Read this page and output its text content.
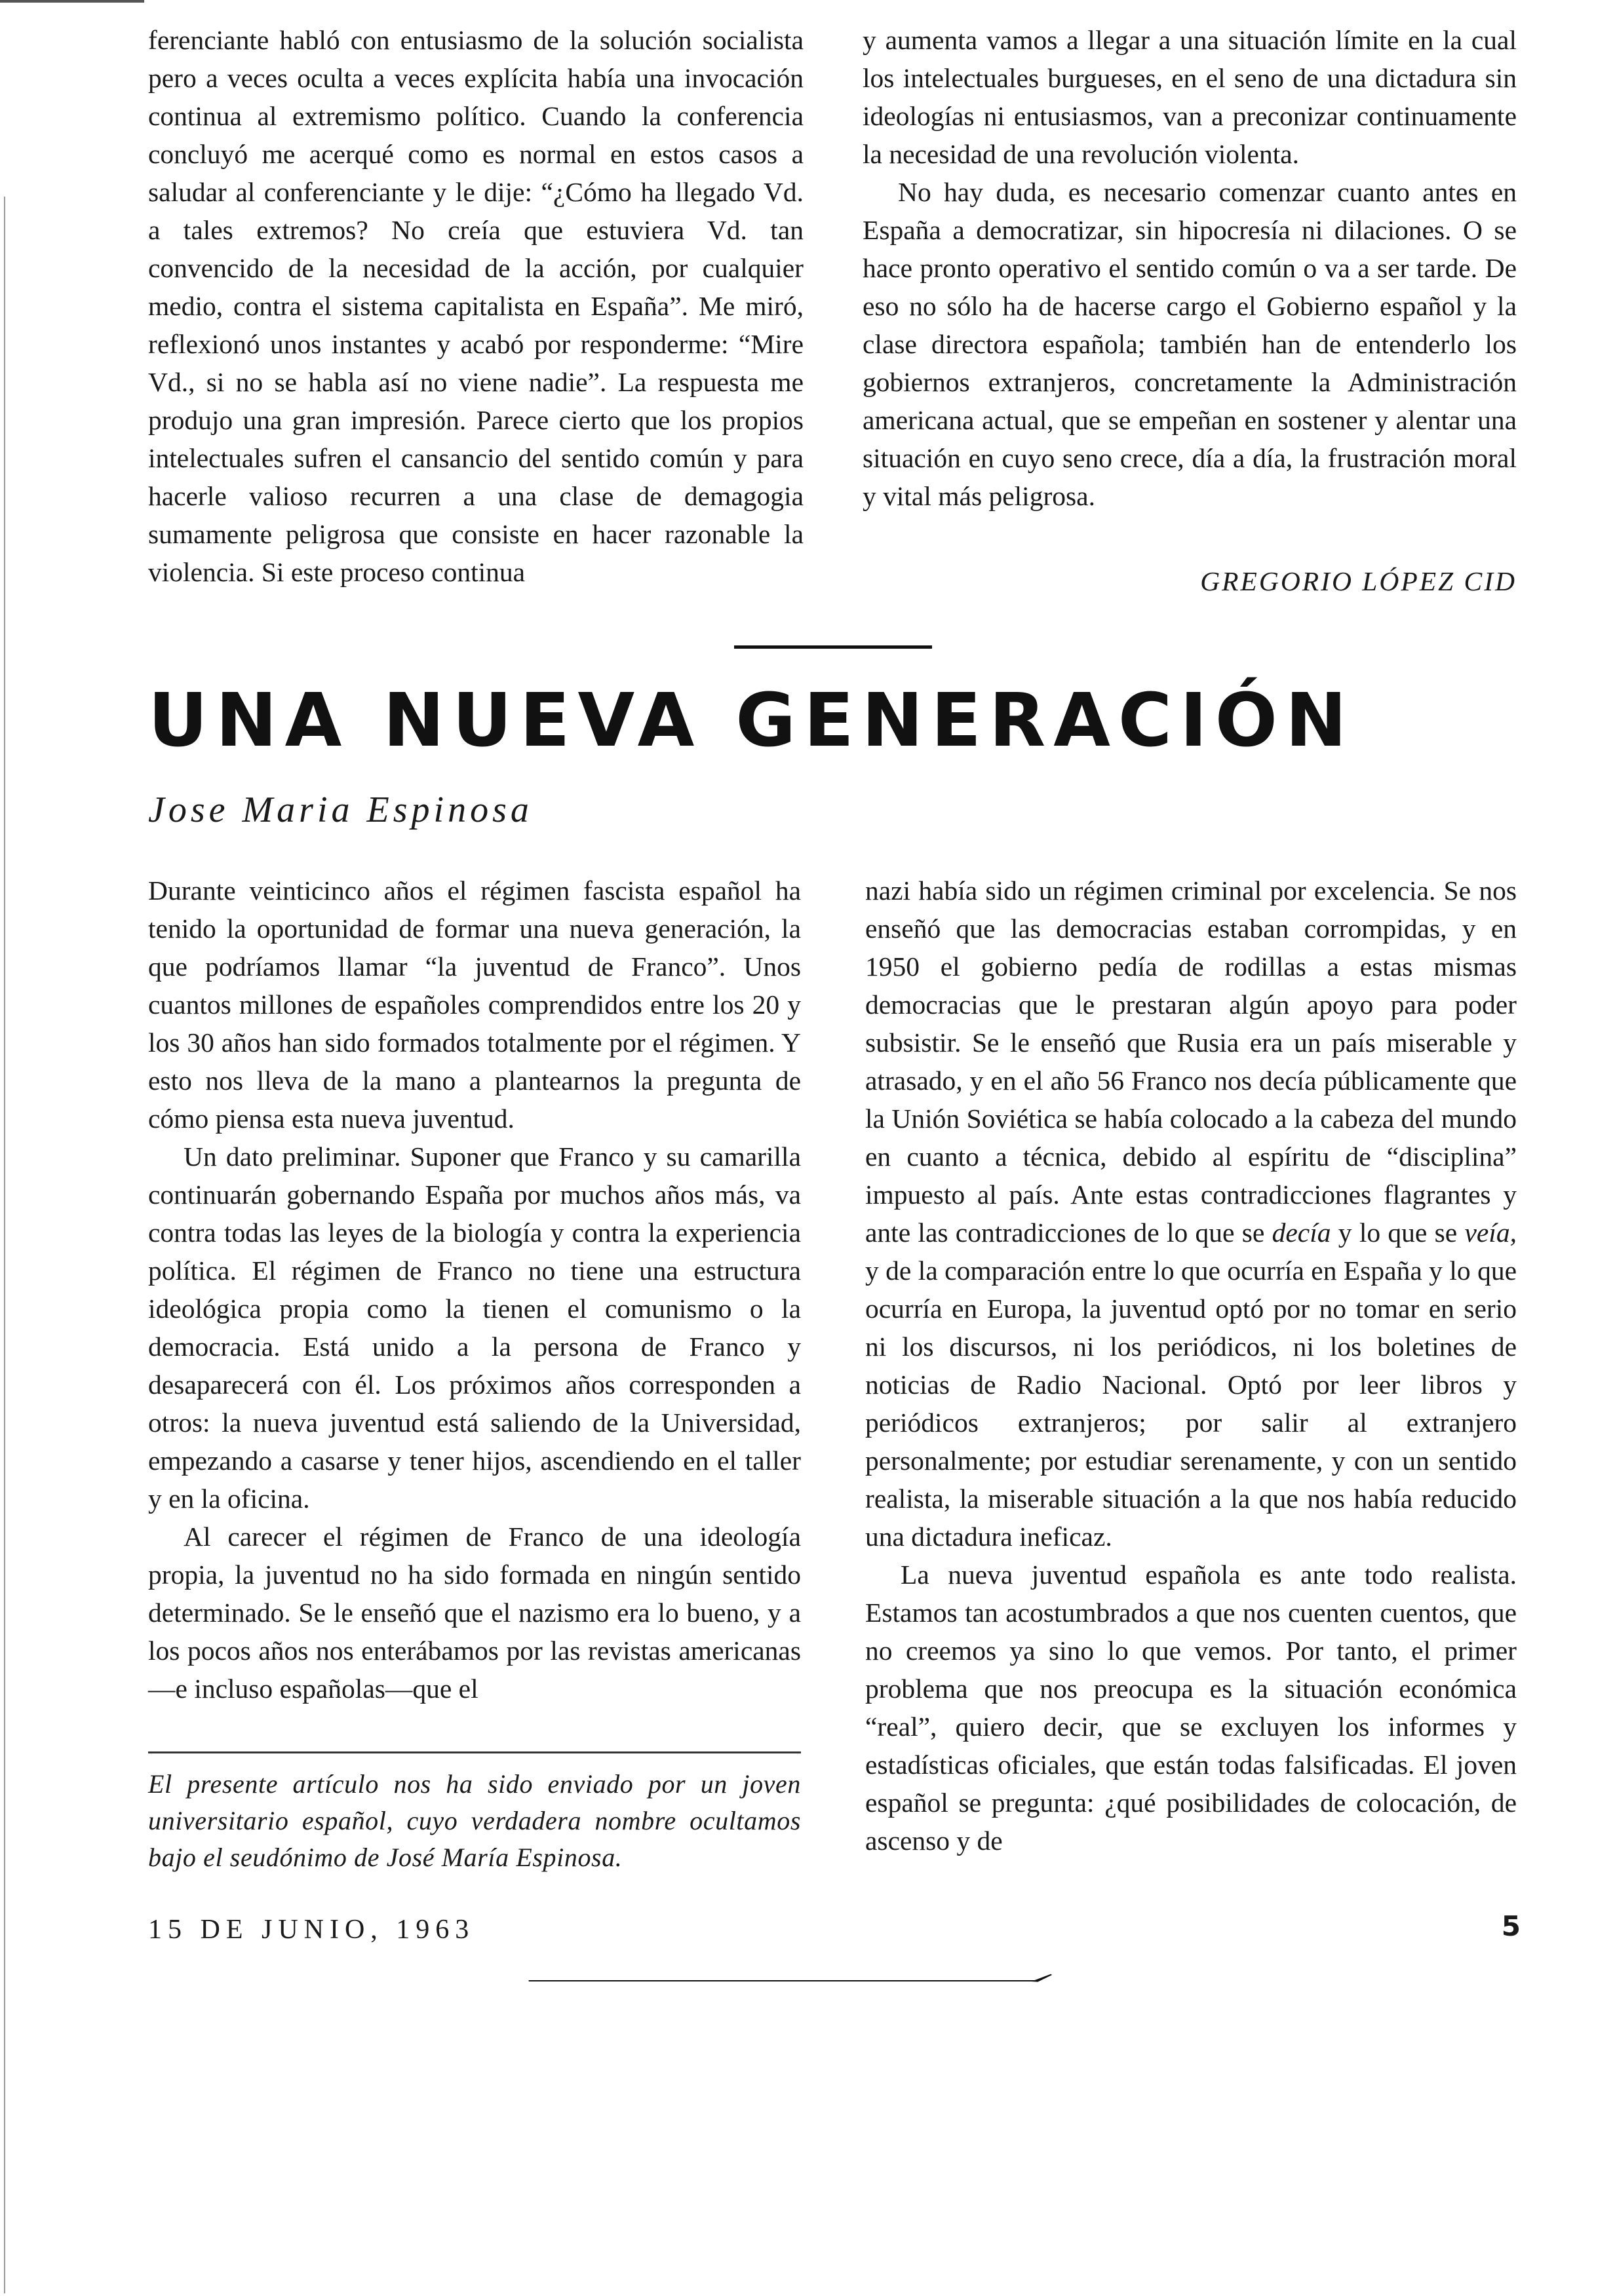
ferenciante habló con entusiasmo de la solución socialista pero a veces oculta a veces explícita había una invocación continua al extremismo político. Cuando la conferencia concluyó me acerqué como es normal en estos casos a saludar al conferenciante y le dije: “¿Cómo ha llegado Vd. a tales extremos? No creía que estuviera Vd. tan convencido de la necesidad de la acción, por cualquier medio, contra el sistema capitalista en España”. Me miró, reflexionó unos instantes y acabó por responderme: “Mire Vd., si no se habla así no viene nadie”. La respuesta me produjo una gran impresión. Parece cierto que los propios intelectuales sufren el cansancio del sentido común y para hacerle valioso recurren a una clase de demagogia sumamente peligrosa que consiste en hacer razonable la violencia. Si este proceso continua

y aumenta vamos a llegar a una situación límite en la cual los intelectuales burgueses, en el seno de una dictadura sin ideologías ni entusiasmos, van a preconizar continuamente la necesidad de una revolución violenta.

No hay duda, es necesario comenzar cuanto antes en España a democratizar, sin hipocresía ni dilaciones. O se hace pronto operativo el sentido común o va a ser tarde. De eso no sólo ha de hacerse cargo el Gobierno español y la clase directora española; también han de entenderlo los gobiernos extranjeros, concretamente la Administración americana actual, que se empeñan en sostener y alentar una situación en cuyo seno crece, día a día, la frustración moral y vital más peligrosa.

GREGORIO LÓPEZ CID
UNA NUEVA GENERACIÓN
Jose Maria Espinosa

Durante veinticinco años el régimen fascista español ha tenido la oportunidad de formar una nueva generación, la que podríamos llamar “la juventud de Franco”. Unos cuantos millones de españoles comprendidos entre los 20 y los 30 años han sido formados totalmente por el régimen. Y esto nos lleva de la mano a plantearnos la pregunta de cómo piensa esta nueva juventud.

Un dato preliminar. Suponer que Franco y su camarilla continuarán gobernando España por muchos años más, va contra todas las leyes de la biología y contra la experiencia política. El régimen de Franco no tiene una estructura ideológica propia como la tienen el comunismo o la democracia. Está unido a la persona de Franco y desaparecerá con él. Los próximos años corresponden a otros: la nueva juventud está saliendo de la Universidad, empezando a casarse y tener hijos, ascendiendo en el taller y en la oficina.

Al carecer el régimen de Franco de una ideología propia, la juventud no ha sido formada en ningún sentido determinado. Se le enseñó que el nazismo era lo bueno, y a los pocos años nos enterábamos por las revistas americanas—e incluso españolas—que el

nazi había sido un régimen criminal por excelencia. Se nos enseñó que las democracias estaban corrompidas, y en 1950 el gobierno pedía de rodillas a estas mismas democracias que le prestaran algún apoyo para poder subsistir. Se le enseñó que Rusia era un país miserable y atrasado, y en el año 56 Franco nos decía públicamente que la Unión Soviética se había colocado a la cabeza del mundo en cuanto a técnica, debido al espíritu de “disciplina” impuesto al país. Ante estas contradicciones flagrantes y ante las contradicciones de lo que se decía y lo que se veía, y de la comparación entre lo que ocurría en España y lo que ocurría en Europa, la juventud optó por no tomar en serio ni los discursos, ni los periódicos, ni los boletines de noticias de Radio Nacional. Optó por leer libros y periódicos extranjeros; por salir al extranjero personalmente; por estudiar serenamente, y con un sentido realista, la miserable situación a la que nos había reducido una dictadura ineficaz.

La nueva juventud española es ante todo realista. Estamos tan acostumbrados a que nos cuenten cuentos, que no creemos ya sino lo que vemos. Por tanto, el primer problema que nos preocupa es la situación económica “real”, quiero decir, que se excluyen los informes y estadísticas oficiales, que están todas falsificadas. El joven español se pregunta: ¿qué posibilidades de colocación, de ascenso y de

El presente artículo nos ha sido enviado por un joven universitario español, cuyo verdadera nombre ocultamos bajo el seudónimo de José María Espinosa.
15 DE JUNIO, 1963	5
